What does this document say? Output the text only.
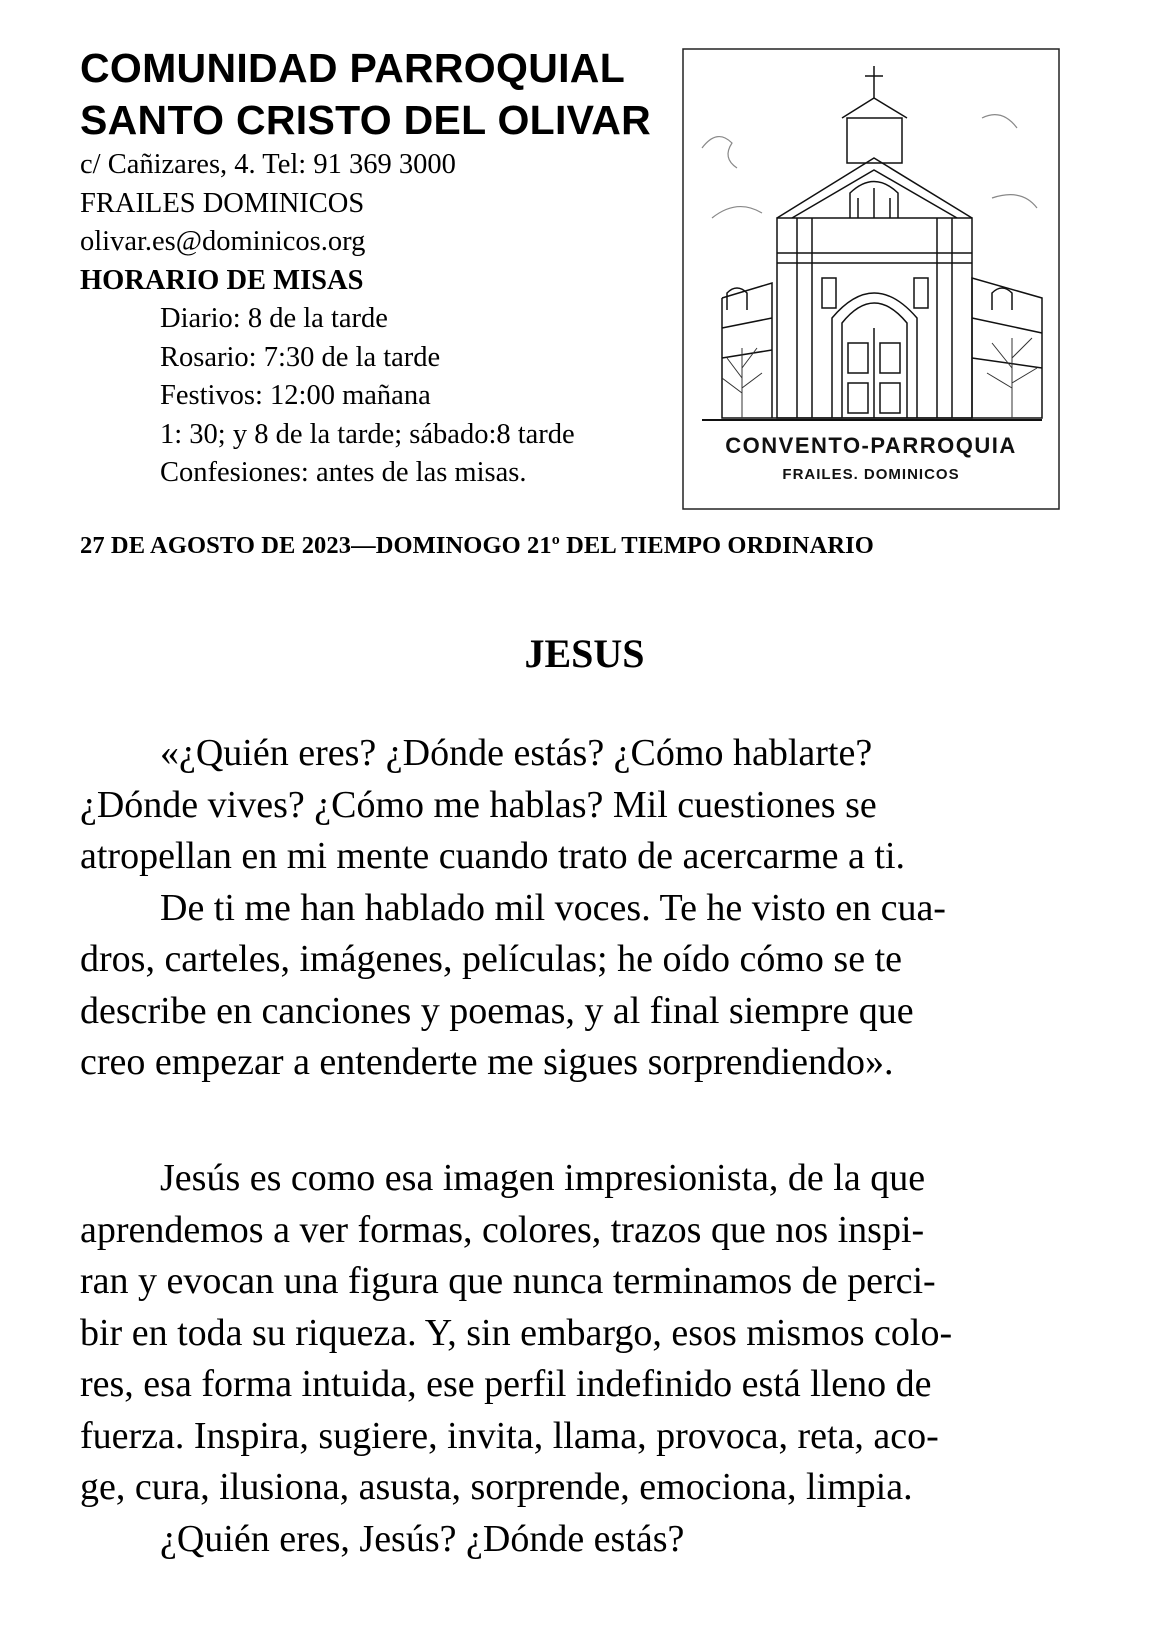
COMUNIDAD PARROQUIAL
SANTO CRISTO DEL OLIVAR
c/ Cañizares, 4. Tel: 91 369 3000
FRAILES DOMINICOS
olivar.es@dominicos.org
HORARIO DE MISAS
Diario: 8 de la tarde
Rosario: 7:30 de la tarde
Festivos: 12:00 mañana
1: 30; y 8 de la tarde; sábado:8 tarde
Confesiones: antes de las misas.
CONVENTO-PARROQUIA
FRAILES. DOMINICOS
27 DE AGOSTO DE 2023—DOMINOGO 21º DEL TIEMPO ORDINARIO
JESUS
«¿Quién eres? ¿Dónde estás? ¿Cómo hablarte?
¿Dónde vives? ¿Cómo me hablas? Mil cuestiones se
atropellan en mi mente cuando trato de acercarme a ti.
De ti me han hablado mil voces. Te he visto en cua-
dros, carteles, imágenes, películas; he oído cómo se te
describe en canciones y poemas, y al final siempre que
creo empezar a entenderte me sigues sorprendiendo».
Jesús es como esa imagen impresionista, de la que
aprendemos a ver formas, colores, trazos que nos inspi-
ran y evocan una figura que nunca terminamos de perci-
bir en toda su riqueza. Y, sin embargo, esos mismos colo-
res, esa forma intuida, ese perfil indefinido está lleno de
fuerza. Inspira, sugiere, invita, llama, provoca, reta, aco-
ge, cura, ilusiona, asusta, sorprende, emociona, limpia.
¿Quién eres, Jesús? ¿Dónde estás?
